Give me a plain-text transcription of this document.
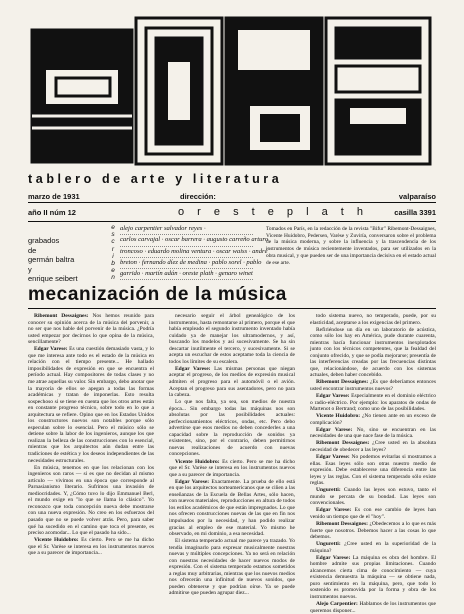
tablero de arte y literatura
marzo de 1931	dirección:	valparaíso
año II núm 12	o r e s t e p l a t h	casilla 3391
grabados
de
germán baltra
y
enrique seibert
e
s
c
r
i
b
e
n
alejo carpentier salvador reyes ·
carlos carvajal · oscar barrera · augusto carreño arturo
troncoso · eduardo molina ventura · oscar waiss · andré
breton · fernando díez de medina · pablo sorel · pablo
garrido · martín adán · oreste plath · genaro winet
Tomados en París, en la redacción de la revista "Bifur" Ribemont-Dessaignes, Vicente Huidobro, Pedersen, Varèse y Zuviría, conversaron sobre el problema de la música moderna, y sobre la influencia y la trascendencia de los instrumentos de música recientemente inventados, para ser utilizados en la obra musical, y que pueden ser de una importancia decisiva en el estado actual de ese arte.
mecanización de la música

Ribemont Dessaignes: Nos hemos reunido para conocer su opinión acerca de la música del porvenir, a no ser que nos hable del porvenir de la música. ¿Podría usted empezar por decirnos lo que opina de la música, sencillamente?

Edgar Varese: Es una cuestión demasiado vasta, y lo que me interesa ante todo es el estado de la música en relación con el tiempo presente... He hallado imposibilidades de expresión en que se encuentra el período actual. Hay compositores de todas clases y no me atrae aquellas su valor. Sin embargo, debo anotar que la mayoría de ellos se apegan a todas las formas académicas y tratan de imponerlas. Esto resulta sospechoso si se tiene en cuenta que los otros artes están en constante progreso técnico, sobre todo en lo que a arquitectura se refiere. Opino que en los Estados Unidos los constructores nuevos son notables porque sólo especulan sobre lo esencial. Pero el músico sólo se detiene sobre la labor de los ingenieros, aunque los que realizan la belleza de las construcciones con lo esencial, mientras que los arquitectos aún dudan entre las tradiciones de estética y los deseos independientes de las necesidades estructurales.

En música, tenemos en que los relacionan con los ingenieros son raros — si es que no decidan al mismo artículo — vivimos en una época que corresponde al Parnasianismo literario. Sufrimos una invasión de mediocridades. Y, ¿Cómo tuvo lo dijo Emmanuel Berl, el mundo exige en "lo que se llama lo clásico". Yo reconozco que toda concepción nueva debe mostrarse con una nueva expresión. No creo en los esfuerzos del pasado que no se puede volver atrás. Pero, para saber qué ha sucedido en el camino que toca el presente, es preciso acomodar... Lo que el pasado ha sido...

Vicente Huidobro: Es cierto. Pero se me ha dicho que el Sr. Varèse se interesa en los instrumentos nuevos que a su parecer de importancia...

necesario seguir el árbol genealógico de los instrumentos, hasta remontarse al primero, porque el que había empleado el segundo instrumento inventado había cuidado ya de manejar los ultramodernos, y así, buscando los modelos y así sucesivamente. Se ha sin descartar inutilmente el tercero, y sucesivamente. Si se acepta un escuchar de estos aceptame toda la ciencia de todos los límites de su escalera.

Edgar Varese: Las mismas personas que niegan aceptar el progreso, de los medios de expresión musical admiten el progreso para el automóvil o el avión. Aceptan el progreso para sus asentadores, pero no para la cabeza.

Lo que nos falta, ya sea, son medios de nuestra época... Sin embargo todas las máquinas nos son absolutas por las posibilidades actuales: perfeccionamientos eléctricos, ondas, etc. Pero debo advertirse que esos medios no deben concederles a una capacidad sobre la reproducción de sonidos ya existentes, sino, por el contrario, deben permitirnos nuevas realizaciones de acuerdo con nuevas concepciones.

Vicente Huidobro: Es cierto. Pero se me ha dicho que el Sr. Varèse se interesa en los instrumentos nuevos que a su parecer de importancia.

Edgar Varese: Exactamente. La prueba de ello está en que los arquitectos norteamericanos que se ciñen a las enseñanzas de la Escuela de Bellas Artes, sólo hacen, con nuevos materiales, reproducciones en altura de todos los estilos académicos de que están impregnados. Lo que nos ofrecen construcciones nuevas de las que en fin nos impulsados por la necesidad, y han podido realizar gracias al empleo de ese material. Yo mismo he observado, en mi dominio, a esa necesidad.

El sistema temperado actual me parece ya trazado. Yo tendía imaginarlo para expresar musicalmente nuestras nuevas y múltiples concepciones. Ya no será en relación con nuestras necesidades de hacer nuevos modos de expresión. Con el sistema temperado estamos sometidos a reglas muy arbitrarias, mientras que los nuevos medios nos ofrecerán una infinitud de nuevos sonidos, que pueden obtenerse y que podrían oírse. Ya se puede admitirse que pueden agrupar diez...

todo sistema nuevo, no temperado, puede, por su elasticidad, aceptarse a los exigencias del primero.

Refiriéndose un día en un laboratorio de acústica, como sólo los hay en América, pude durante cuarenta, mientras hacía funcionar instrumentos inexplotados junto con los técnicos competentes, que la fealdad del conjunto ofrecido, y que se podía mejorarse; presentía de las interferencias creadas por las frecuencias distintas que, relacionándose, de acuerdo con los sistemas actuales, deben haber concebido.

Ribemont Dessaignes: ¿Es que deberíamos entonces usted encontrar instrumentos nuevos?

Edgar Varese: Especialmente en el dominio eléctrico o radio-eléctrico. Por ejemplo: los aparatos de ondas de Martenot o Bertrand; como uno de las posibilidades.

Vicente Huidobro: ¿No tienen ante en un exceso de complicación?

Edgar Varese: No, sino se encuentran en las necesidades de una que nace fase de la música.

Ribemont Dessaignes: ¿Cree usted en la absoluta necesidad de obedecer a las leyes?

Edgar Varese: No podemos evitarlas si mostramos a ellas. Esas leyes sólo son otras nuestro medio de expresión. Debe establecerse una diferencia entre las leyes y las reglas. Con el sistema temperado sólo existe reglas.

Unguretti: Cuando las leyes son estuvo, tanto el mundo se percata de su bondad. Las leyes son convencionales.

Edgar Varese: Es con ese cambio de leyes han venido un tiempo que de el "hoy".

Ribemont Dessaignes: ¿Obedecemos a lo que es más fuerte que nosotros. Debemos hacer a las cosas lo que debemos.

Unguretti: ¿Cree usted en la superioridad de la máquina?

Edgar Varese: La máquina es obra del hombre. El hombre admite sus propias limitaciones. Cuando alcancemos cierta cima de conocimiento — cuya existencia demuestra la máquina — se obtiene nada, puro sentimiento en la máquina, pero, que todo lo sostenido es promovida por la forma y obra de los instrumentos nuevos.

Alejo Carpentier: Hablamos de los instrumentos que queremos disponer...
